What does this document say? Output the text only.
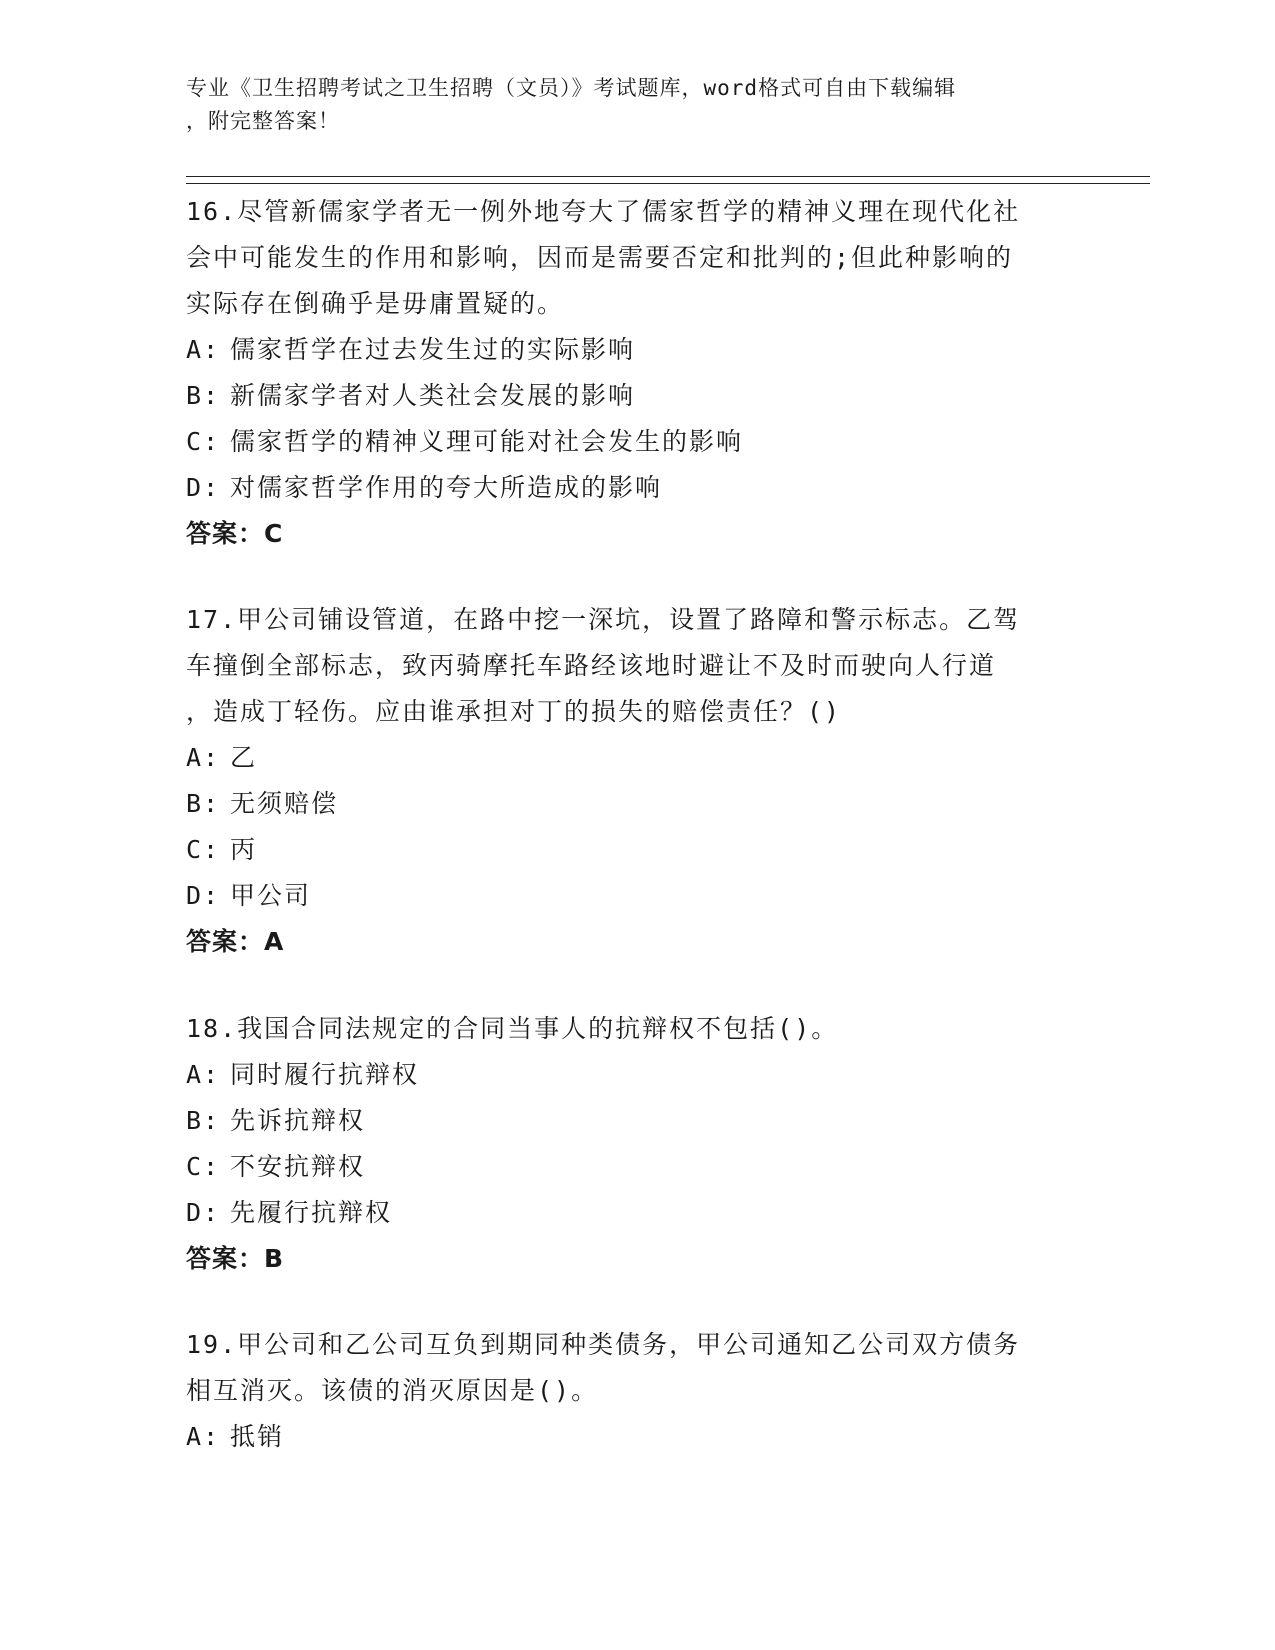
专业《卫生招聘考试之卫生招聘（文员）》考试题库，word格式可自由下载编辑
，附完整答案！

16.尽管新儒家学者无一例外地夸大了儒家哲学的精神义理在现代化社

会中可能发生的作用和影响，因而是需要否定和批判的;但此种影响的

实际存在倒确乎是毋庸置疑的。

A: 儒家哲学在过去发生过的实际影响

B: 新儒家学者对人类社会发展的影响

C: 儒家哲学的精神义理可能对社会发生的影响

D: 对儒家哲学作用的夸大所造成的影响

答案：C

17.甲公司铺设管道，在路中挖一深坑，设置了路障和警示标志。乙驾

车撞倒全部标志，致丙骑摩托车路经该地时避让不及时而驶向人行道

，造成丁轻伤。应由谁承担对丁的损失的赔偿责任？()

A: 乙

B: 无须赔偿

C: 丙

D: 甲公司

答案：A

18.我国合同法规定的合同当事人的抗辩权不包括()。

A: 同时履行抗辩权

B: 先诉抗辩权

C: 不安抗辩权

D: 先履行抗辩权

答案：B

19.甲公司和乙公司互负到期同种类债务，甲公司通知乙公司双方债务

相互消灭。该债的消灭原因是()。

A: 抵销
